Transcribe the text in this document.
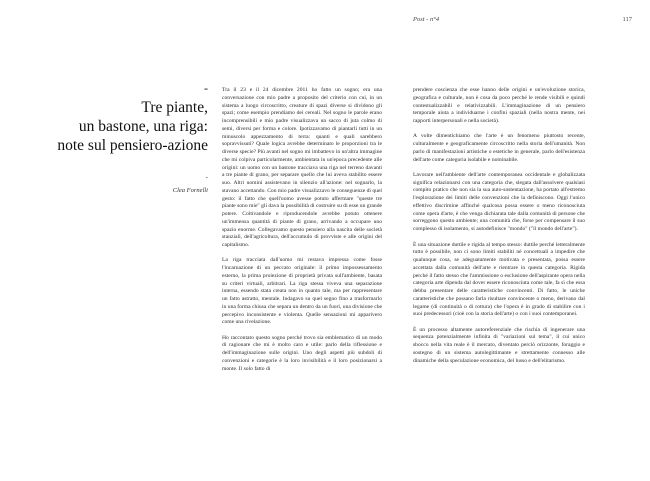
Post - n°4	117
-
Tre piante,
un bastone, una riga:
note sul pensiero-azione
-
Clea Fornelli

Tra il 23 e il 24 dicembre 2011 ho fatto un sogno; era una conversazione con mio padre a proposito del criterio con cui, in un sistema a luogo circoscritto, creature di spazi diverse si dividono gli spazi; come esempio prendiamo dei cereali. Nel sogno le parole erano incomprensibili e mio padre visualizzava un sacco di juta colmo di semi, diversi per forma e colore. Ipotizzavamo di piantarli tutti in un minuscolo appezzamento di terra: quanti e quali sarebbero sopravvissuti? Quale logica avrebbe determinato le proporzioni tra le diverse specie? Più avanti nel sogno mi imbattevo in un'altra immagine che mi colpiva particolarmente, ambientata in un'epoca precedente alle origini: un uomo con un bastone tracciava una riga nel terreno davanti a tre piante di grano, per separare quello che lui aveva stabilito essere suo. Altri uomini assistevano in silenzio all'azione: nel sognarlo, la stavano accettando. Con mio padre visualizzavo le conseguenze di quel gesto: il fatto che quell'uomo avesse potuto affermare "queste tre piante sono mie" gli dava la possibilità di costruire su di esse un grande potere. Coltivandole e riproducendole avrebbe potuto ottenere un'immensa quantità di piante di grano, arrivando a occupare uno spazio enorme. Collegavamo questo pensiero alla nascita delle società stanziali, dell'agricoltura, dell'accumulo di provviste e alle origini del capitalismo.

La riga tracciata dall'uomo mi restava impressa come fosse l'incarnazione di un peccato originale: il primo impossessamento esterno, la prima proiezione di proprietà privata sull'ambiente, basata su criteri virtuali, arbitrari. La riga stessa viveva una separazione interna, essendo stata creata non in quanto tale, ma per rappresentare un fatto astratto, mentale. Indagavo su quel segno fino a trasformarlo in una forma chiusa che separa un dentro da un fuori, una divisione che percepivo inconsistente e violenta. Quelle sensazioni mi apparivero come una rivelazione.

Ho raccontato questo sogno perché trovo sia emblematico di un modo di ragionare che mi è molto caro e utile: parlo della riflessione e dell'immaginazione sulle origini. Uno degli aspetti più subdoli di convenzioni e categorie è la loro invisibilità e il loro posizionarsi a monte. Il solo fatto di

prendere coscienza che esse hanno delle origini e un'evoluzione storica, geografica e culturale, non è cosa da poco perché le rende visibili e quindi contestualizzabili e relativizzabili. L'immaginazione di un pensiero temporale aiuta a individuarne i confini spaziali (nella nostra mente, nei rapporti interpersonali e nella società).

A volte dimentichiamo che l'arte è un fenomeno piuttosto recente, culturalmente e geograficamente circoscritto nella storia dell'umanità. Non parlo di manifestazioni artistiche o estetiche in generale, parlo dell'esistenza dell'arte come categoria isolabile e nominabile.

Lavorare nell'ambiente dell'arte contemporanea occidentale e globalizzata significa relazionarsi con una categoria che, slegata dall'assolvere qualsiasi compito pratico che non sia la sua auto-sostentazione, ha portato all'estremo l'esplorazione dei limiti delle convenzioni che la definiscono. Oggi l'unico effettivo discrimine affinché qualcosa possa essere o meno riconosciuta come opera d'arte, è che venga dichiarata tale dalla comunità di persone che sorreggono questo ambiente; una comunità che, forse per compensare il suo complesso di isolamento, si autodefinisce "mondo" ("il mondo dell'arte").

È una situazione duttile e rigida al tempo stesso: duttile perché letteralmente tutto è possibile, non ci sono limiti stabiliti né concettuali a impedire che qualunque cosa, se adeguatamente motivata e presentata, possa essere accettata dalla comunità dell'arte e rientrare in questa categoria. Rigida perché il fatto stesso che l'ammissione o esclusione dell'aspirante opera nella categoria arte dipenda dal dover essere riconosciuta come tale, fa sì che essa debba presentare delle caratteristiche convincenti. Di fatto, le uniche caratteristiche che possano farla risultare convincente o meno, derivano dal legame (di continuità o di rottura) che l'opera è in grado di stabilire con i suoi predecessori (cioè con la storia dell'arte) o con i suoi contemporanei.

È un processo altamente autoreferenziale che rischia di ingenerare una sequenza potenzialmente infinita di "variazioni sul tema", il cui unico sbocco nella vita reale è il mercato, diventato perciò orizzonte, foraggio e sostegno di un sistema autolegittimante e strettamente connesso alle dinamiche della speculazione economica, del lusso e dell'elitarismo.
